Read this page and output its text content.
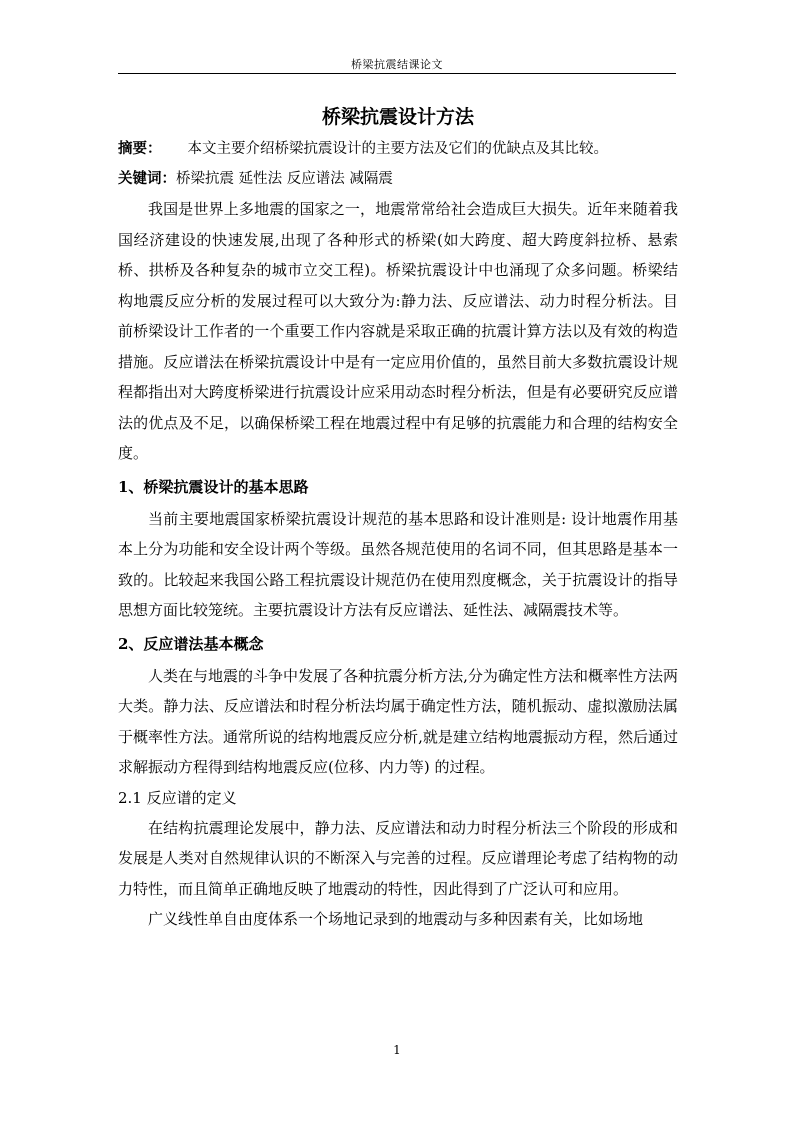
桥梁抗震结课论文
桥梁抗震设计方法
摘要： 本文主要介绍桥梁抗震设计的主要方法及它们的优缺点及其比较。
关键词：桥梁抗震 延性法 反应谱法 减隔震

我国是世界上多地震的国家之一，地震常常给社会造成巨大损失。近年来随着我国经济建设的快速发展,出现了各种形式的桥梁(如大跨度、超大跨度斜拉桥、悬索桥、拱桥及各种复杂的城市立交工程)。桥梁抗震设计中也涌现了众多问题。桥梁结构地震反应分析的发展过程可以大致分为:静力法、反应谱法、动力时程分析法。目前桥梁设计工作者的一个重要工作内容就是采取正确的抗震计算方法以及有效的构造措施。反应谱法在桥梁抗震设计中是有一定应用价值的，虽然目前大多数抗震设计规程都指出对大跨度桥梁进行抗震设计应采用动态时程分析法，但是有必要研究反应谱法的优点及不足，以确保桥梁工程在地震过程中有足够的抗震能力和合理的结构安全度。

1、桥梁抗震设计的基本思路

当前主要地震国家桥梁抗震设计规范的基本思路和设计准则是: 设计地震作用基本上分为功能和安全设计两个等级。虽然各规范使用的名词不同，但其思路是基本一致的。比较起来我国公路工程抗震设计规范仍在使用烈度概念，关于抗震设计的指导思想方面比较笼统。主要抗震设计方法有反应谱法、延性法、减隔震技术等。

2、反应谱法基本概念

人类在与地震的斗争中发展了各种抗震分析方法,分为确定性方法和概率性方法两大类。静力法、反应谱法和时程分析法均属于确定性方法，随机振动、虚拟激励法属于概率性方法。通常所说的结构地震反应分析,就是建立结构地震振动方程，然后通过求解振动方程得到结构地震反应(位移、内力等) 的过程。

2.1 反应谱的定义

在结构抗震理论发展中，静力法、反应谱法和动力时程分析法三个阶段的形成和发展是人类对自然规律认识的不断深入与完善的过程。反应谱理论考虑了结构物的动力特性，而且简单正确地反映了地震动的特性，因此得到了广泛认可和应用。

广义线性单自由度体系一个场地记录到的地震动与多种因素有关，比如场地

1
